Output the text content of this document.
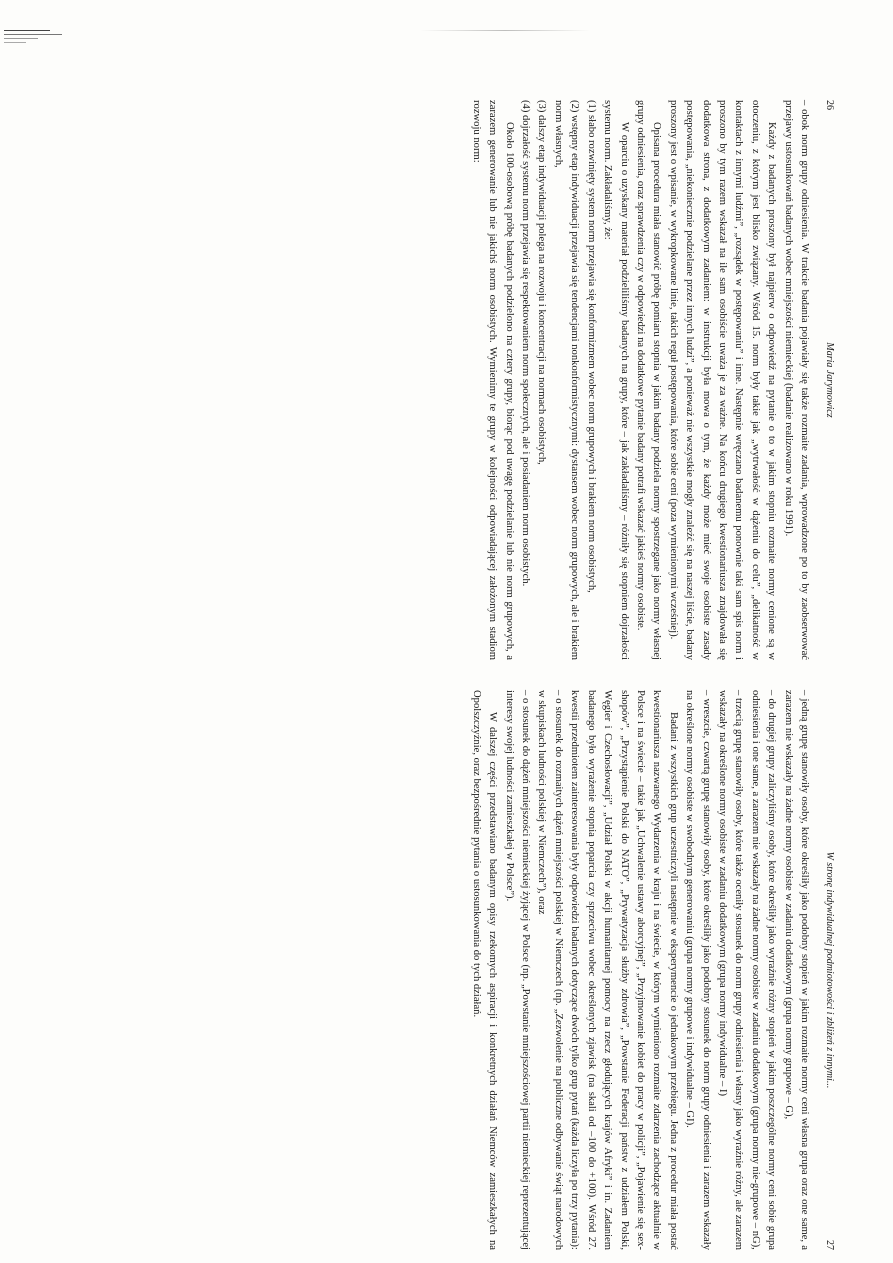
26
Maria Jarymowicz

– obok norm grupy odniesienia. W trakcie badania pojawiały się także rozmaite zadania, wprowadzone po to by zaobserwować przejawy ustosunkowań badanych wobec mniejszości niemieckiej (badanie realizowano w roku 1991).

Każdy z badanych proszony był najpierw o odpowiedź na pytanie o to w jakim stopniu rozmaite normy cenione są w otoczeniu, z którym jest blisko związany. Wśród 15. norm były takie jak „wytrwałość w dążeniu do celu”, „delikatność w kontaktach z innymi ludźmi”, „rozsądek w postępowaniu” i inne. Następnie wręczano badanemu ponownie taki sam spis norm i proszono by tym razem wskazał na ile sam osobiście uważa je za ważne. Na końcu drugiego kwestionariusza znajdowała się dodatkowa strona, z dodatkowym zadaniem: w instrukcji była mowa o tym, że każdy może mieć swoje osobiste zasady postępowania, „niekoniecznie podzielane przez innych ludzi”, a ponieważ nie wszystkie mogły znaleźć się na naszej liście, badany proszony jest o wpisanie, w wykropkowane linie, takich reguł postępowania, które sobie ceni (poza wymienionymi wcześniej).

Opisana procedura miała stanowić próbę pomiaru stopnia w jakim badany podziela normy spostrzegane jako normy własnej grupy odniesienia, oraz sprawdzenia czy w odpowiedzi na dodatkowe pytanie badany potrafi wskazać jakieś normy osobiste.

W oparciu o uzyskany materiał podzieliliśmy badanych na grupy, które – jak zakładaliśmy – różniły się stopniem dojrzałości systemu norm. Zakładaliśmy, że:

(1) słabo rozwinięty system norm przejawia się konformizmem wobec norm grupowych i brakiem norm osobistych,

(2) wstępny etap indywiduacji przejawia się tendencjami nonkonformistycznymi: dystansem wobec norm grupowych, ale i brakiem norm własnych,

(3) dalszy etap indywiduacji polega na rozwoju i koncentracji na normach osobistych,

(4) dojrzałość systemu norm przejawia się respektowaniem norm społecznych, ale i posiadaniem norm osobistych.

Około 100-osobową próbę badanych podzielono na cztery grupy, biorąc pod uwagę podzielanie lub nie norm grupowych, a zarazem generowanie lub nie jakichś norm osobistych. Wymienimy te grupy w kolejności odpowiadającej założonym stadiom rozwoju norm:

W stronę indywidualnej podmiotowości i zbliżeń z innymi...
27

– jedną grupę stanowiły osoby, które określiły jako podobny stopień w jakim rozmaite normy ceni własna grupa oraz one same, a zarazem nie wskazały na żadne normy osobiste w zadaniu dodatkowym (grupa normy grupowe – G),

– do drugiej grupy zaliczyliśmy osoby, które określiły jako wyraźnie różny stopień w jakim poszczególne normy ceni sobie grupa odniesienia i one same, a zarazem nie wskazały na żadne normy osobiste w zadaniu dodatkowym (grupa normy nie-grupowe – nG),

– trzecią grupę stanowiły osoby, które także oceniły stosunek do norm grupy odniesienia i własny jako wyraźnie różny, ale zarazem wskazały na określone normy osobiste w zadaniu dodatkowym (grupa normy indywidualne – I)

– wreszcie, czwartą grupę stanowiły osoby, które określiły jako podobny stosunek do norm grupy odniesienia i zarazem wskazały na określone normy osobiste w swobodnym generowaniu (grupa normy grupowe i indywidualne – GI).

Badani z wszystkich grup uczestniczyli następnie w eksperymencie o jednakowym przebiegu. Jedna z procedur miała postać kwestionariusza nazwanego Wydarzenia w kraju i na świecie, w którym wymieniono rozmaite zdarzenia zachodzące aktualnie w Polsce i na świecie – takie jak „Uchwalenie ustawy aborcyjnej”, „Przyjmowanie kobiet do pracy w policji”, „Pojawienie się sex-shopów”, „Przystąpienie Polski do NATO”, „Prywatyzacja służby zdrowia”, „Powstanie Federacji państw z udziałem Polski, Węgier i Czechosłowacji”, „Udział Polski w akcji humanitarnej pomocy na rzecz głodujących krajów Afryki” i in. Zadaniem badanego było wyrażenie stopnia poparcia czy sprzeciwu wobec określonych zjawisk (na skali od –100 do +100). Wśród 27. kwestii przedmiotem zainteresowania były odpowiedzi badanych dotyczące dwóch tylko grup pytań (każda liczyła po trzy pytania):

– o stosunek do rozmaitych dążeń mniejszości polskiej w Niemczech (np. „Zezwolenie na publiczne odbywanie świąt narodowych w skupiskach ludności polskiej w Niemczech”), oraz

– o stosunek do dążeń mniejszości niemieckiej żyjącej w Polsce (np. „Powstanie mniejszościowej partii niemieckiej reprezentującej interesy swojej ludności zamieszkałej w Polsce”).

W dalszej części przedstawiano badanym opisy rzekomych aspiracji i konkretnych działań Niemców zamieszkałych na Opolszczyźnie, oraz bezpośrednie pytania o ustosunkowania do tych działań.
